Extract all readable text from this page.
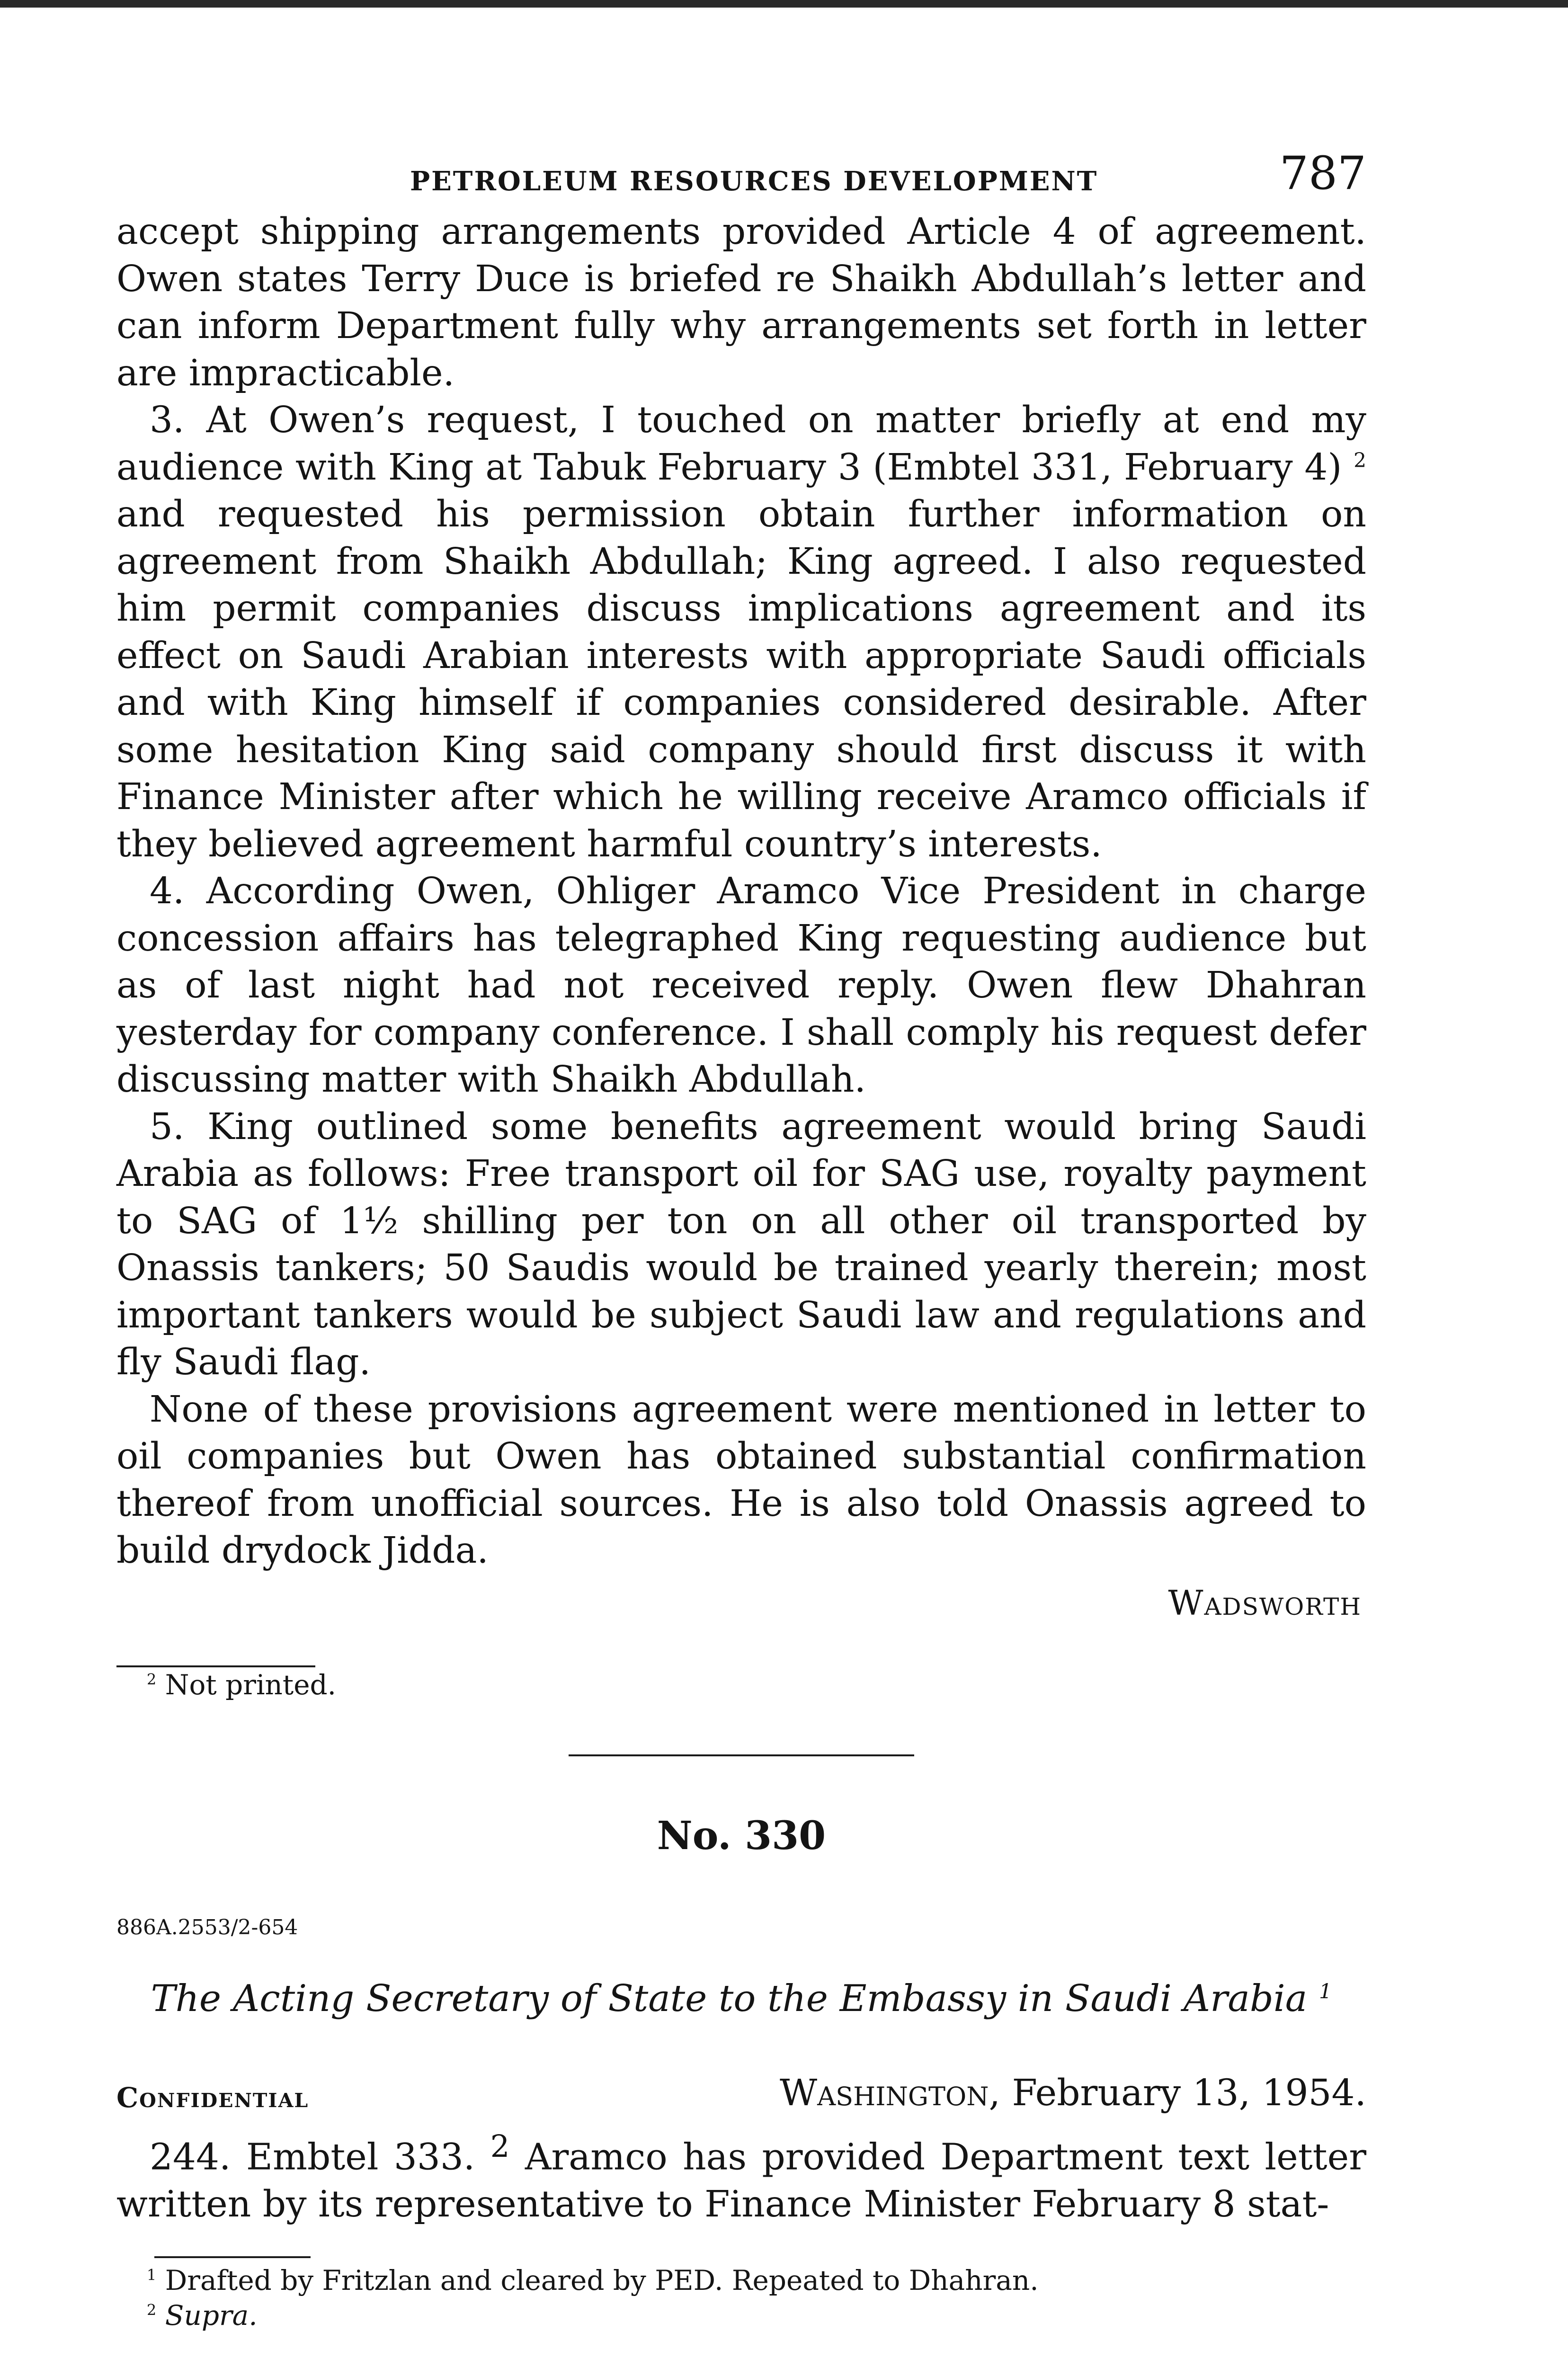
PETROLEUM RESOURCES DEVELOPMENT	787

accept shipping arrangements provided Article 4 of agreement. Owen states Terry Duce is briefed re Shaikh Abdullah’s letter and can inform Department fully why arrangements set forth in letter are impracticable.

3. At Owen’s request, I touched on matter briefly at end my audience with King at Tabuk February 3 (Embtel 331, February 4) $^2$ and requested his permission obtain further information on agreement from Shaikh Abdullah; King agreed. I also requested him permit companies discuss implications agreement and its effect on Saudi Arabian interests with appropriate Saudi officials and with King himself if companies considered desirable. After some hesitation King said company should first discuss it with Finance Minister after which he willing receive Aramco officials if they believed agreement harmful country’s interests.

4. According Owen, Ohliger Aramco Vice President in charge concession affairs has telegraphed King requesting audience but as of last night had not received reply. Owen flew Dhahran yesterday for company conference. I shall comply his request defer discussing matter with Shaikh Abdullah.

5. King outlined some benefits agreement would bring Saudi Arabia as follows: Free transport oil for SAG use, royalty payment to SAG of 1½ shilling per ton on all other oil transported by Onassis tankers; 50 Saudis would be trained yearly therein; most important tankers would be subject Saudi law and regulations and fly Saudi flag.

None of these provisions agreement were mentioned in letter to oil companies but Owen has obtained substantial confirmation thereof from unofficial sources. He is also told Onassis agreed to build drydock Jidda.

Wadsworth
$^2$ Not printed.
No. 330
886A.2553/2-654
The Acting Secretary of State to the Embassy in Saudi Arabia $^1$
Confidential	Washington, February 13, 1954.

244. Embtel 333. $^2$ Aramco has provided Department text letter written by its representative to Finance Minister February 8 stat-

$^1$ Drafted by Fritzlan and cleared by PED. Repeated to Dhahran.
$^2$ Supra.
